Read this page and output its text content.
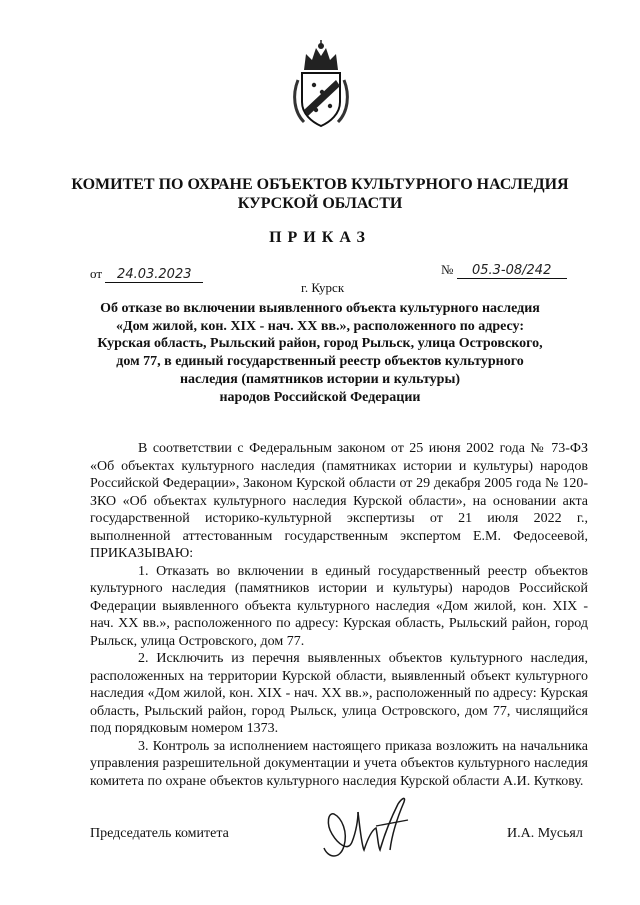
КОМИТЕТ ПО ОХРАНЕ ОБЪЕКТОВ КУЛЬТУРНОГО НАСЛЕДИЯ
КУРСКОЙ ОБЛАСТИ
ПРИКАЗ
от 24.03.2023	№ 05.3-08/242
г. Курск
Об отказе во включении выявленного объекта культурного наследия
«Дом жилой, кон. XIX - нач. XX вв.», расположенного по адресу:
Курская область, Рыльский район, город Рыльск, улица Островского,
дом 77, в единый государственный реестр объектов культурного
наследия (памятников истории и культуры)
народов Российской Федерации

В соответствии с Федеральным законом от 25 июня 2002 года № 73-ФЗ «Об объектах культурного наследия (памятниках истории и культуры) народов Российской Федерации», Законом Курской области от 29 декабря 2005 года № 120-ЗКО «Об объектах культурного наследия Курской области», на основании акта государственной историко-культурной экспертизы от 21 июля 2022 г., выполненной аттестованным государственным экспертом Е.М. Федосеевой, ПРИКАЗЫВАЮ:

1. Отказать во включении в единый государственный реестр объектов культурного наследия (памятников истории и культуры) народов Российской Федерации выявленного объекта культурного наследия «Дом жилой, кон. XIX - нач. XX вв.», расположенного по адресу: Курская область, Рыльский район, город Рыльск, улица Островского, дом 77.

2. Исключить из перечня выявленных объектов культурного наследия, расположенных на территории Курской области, выявленный объект культурного наследия «Дом жилой, кон. XIX - нач. XX вв.», расположенный по адресу: Курская область, Рыльский район, город Рыльск, улица Островского, дом 77, числящийся под порядковым номером 1373.

3. Контроль за исполнением настоящего приказа возложить на начальника управления разрешительной документации и учета объектов культурного наследия комитета по охране объектов культурного наследия Курской области А.И. Куткову.

Председатель комитета	И.А. Мусьял
